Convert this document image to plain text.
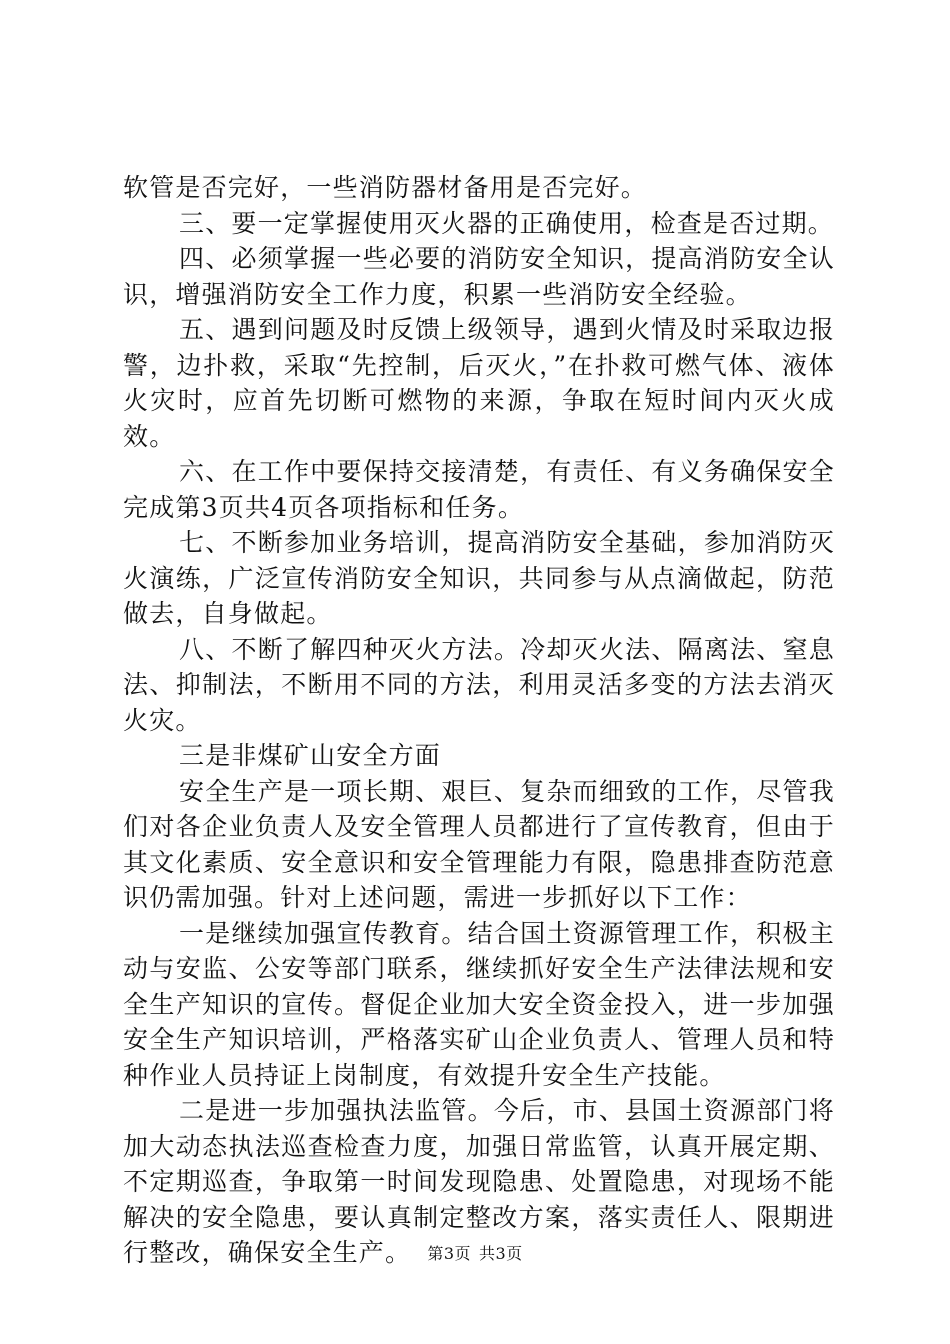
软管是否完好，一些消防器材备用是否完好。

三、要一定掌握使用灭火器的正确使用，检查是否过期。

四、必须掌握一些必要的消防安全知识，提高消防安全认识，增强消防安全工作力度，积累一些消防安全经验。

五、遇到问题及时反馈上级领导，遇到火情及时采取边报警，边扑救，采取“先控制，后灭火，”在扑救可燃气体、液体火灾时，应首先切断可燃物的来源，争取在短时间内灭火成效。

六、在工作中要保持交接清楚，有责任、有义务确保安全完成第3页共4页各项指标和任务。

七、不断参加业务培训，提高消防安全基础，参加消防灭火演练，广泛宣传消防安全知识，共同参与从点滴做起，防范做去，自身做起。

八、不断了解四种灭火方法。冷却灭火法、隔离法、窒息法、抑制法，不断用不同的方法，利用灵活多变的方法去消灭火灾。

三是非煤矿山安全方面

安全生产是一项长期、艰巨、复杂而细致的工作，尽管我们对各企业负责人及安全管理人员都进行了宣传教育，但由于其文化素质、安全意识和安全管理能力有限，隐患排查防范意识仍需加强。针对上述问题，需进一步抓好以下工作：

一是继续加强宣传教育。结合国土资源管理工作，积极主动与安监、公安等部门联系，继续抓好安全生产法律法规和安全生产知识的宣传。督促企业加大安全资金投入，进一步加强安全生产知识培训，严格落实矿山企业负责人、管理人员和特种作业人员持证上岗制度，有效提升安全生产技能。

二是进一步加强执法监管。今后，市、县国土资源部门将加大动态执法巡查检查力度，加强日常监管，认真开展定期、不定期巡查，争取第一时间发现隐患、处置隐患，对现场不能解决的安全隐患，要认真制定整改方案，落实责任人、限期进行整改，确保安全生产。	第3页 共3页
